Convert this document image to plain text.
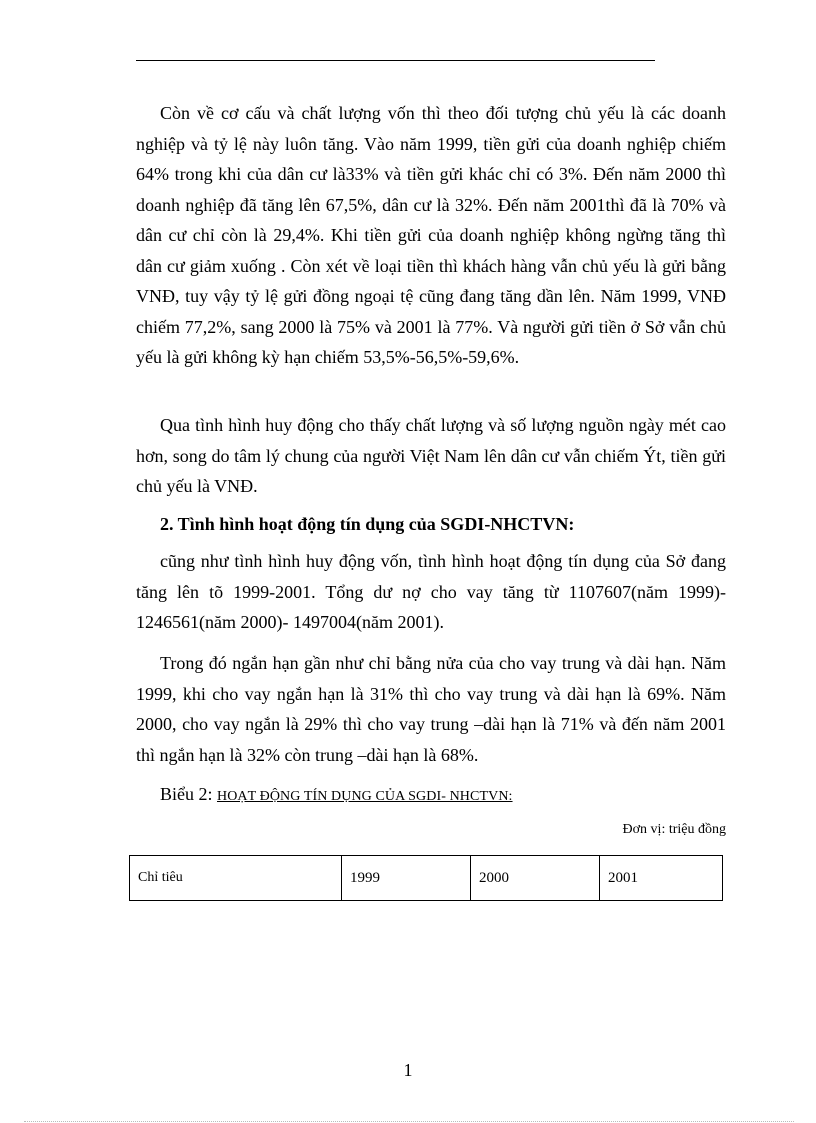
Còn về cơ cấu và chất lượng vốn thì theo đối tượng chủ yếu là các doanh nghiệp và tỷ lệ này luôn tăng. Vào năm 1999, tiền gửi của doanh nghiệp chiếm 64% trong khi của dân cư là33% và tiền gửi khác chỉ có 3%. Đến năm 2000 thì doanh nghiệp đã tăng lên 67,5%, dân cư là 32%. Đến năm 2001thì đã là 70% và dân cư chỉ còn là 29,4%. Khi tiền gửi của doanh nghiệp không ngừng tăng thì dân cư giảm xuống . Còn xét về loại tiền thì khách hàng vẫn chủ yếu là gửi bằng VNĐ, tuy vậy tỷ lệ gửi đồng ngoại tệ cũng đang tăng dần lên. Năm 1999, VNĐ chiếm 77,2%, sang 2000 là 75% và 2001 là 77%. Và người gửi tiền ở Sở vẫn chủ yếu là gửi không kỳ hạn chiếm 53,5%-56,5%-59,6%.

Qua tình hình huy động cho thấy chất lượng và số lượng nguồn ngày mét cao hơn, song do tâm lý chung của người Việt Nam lên dân cư vẫn chiếm Ýt, tiền gửi chủ yếu là VNĐ.

2. Tình hình hoạt động tín dụng của SGDI-NHCTVN:

cũng như tình hình huy động vốn, tình hình hoạt động tín dụng của Sở đang tăng lên tõ 1999-2001. Tổng dư nợ cho vay tăng từ 1107607(năm 1999)- 1246561(năm 2000)- 1497004(năm 2001).

Trong đó ngắn hạn gần như chỉ bằng nửa của cho vay trung và dài hạn. Năm 1999, khi cho vay ngắn hạn là 31% thì cho vay trung và dài hạn là 69%. Năm 2000, cho vay ngắn là 29% thì cho vay trung –dài hạn là 71% và đến năm 2001 thì ngắn hạn là 32% còn trung –dài hạn là 68%.

Biểu 2: HOẠT ĐỘNG TÍN DỤNG CỦA SGDI- NHCTVN:

Đơn vị: triệu đồng

Chỉ tiêu	1999	2000	2001

1
